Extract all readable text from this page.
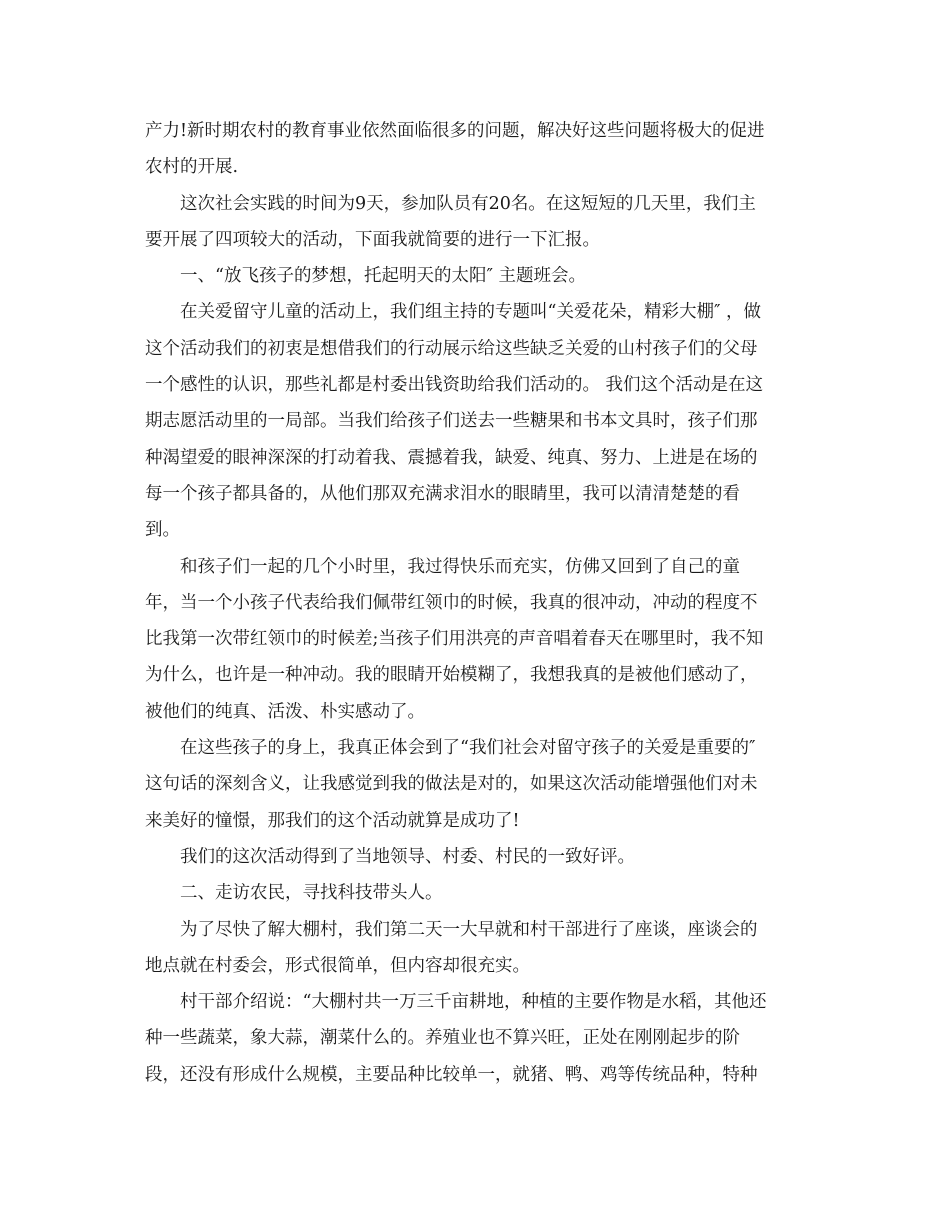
产力!新时期农村的教育事业依然面临很多的问题，解决好这些问题将极大的促进
农村的开展.

这次社会实践的时间为9天，参加队员有20名。在这短短的几天里，我们主
要开展了四项较大的活动，下面我就简要的进行一下汇报。

一、“放飞孩子的梦想，托起明天的太阳″ 主题班会。

在关爱留守儿童的活动上，我们组主持的专题叫“关爱花朵，精彩大棚″ ，做
这个活动我们的初衷是想借我们的行动展示给这些缺乏关爱的山村孩子们的父母
一个感性的认识，那些礼都是村委出钱资助给我们活动的。 我们这个活动是在这
期志愿活动里的一局部。当我们给孩子们送去一些糖果和书本文具时，孩子们那
种渴望爱的眼神深深的打动着我、震撼着我，缺爱、纯真、努力、上进是在场的
每一个孩子都具备的，从他们那双充满求泪水的眼睛里，我可以清清楚楚的看
到。

和孩子们一起的几个小时里，我过得快乐而充实，仿佛又回到了自己的童
年，当一个小孩子代表给我们佩带红领巾的时候，我真的很冲动，冲动的程度不
比我第一次带红领巾的时候差;当孩子们用洪亮的声音唱着春天在哪里时，我不知
为什么，也许是一种冲动。我的眼睛开始模糊了，我想我真的是被他们感动了，
被他们的纯真、活泼、朴实感动了。

在这些孩子的身上，我真正体会到了“我们社会对留守孩子的关爱是重要的″
这句话的深刻含义，让我感觉到我的做法是对的，如果这次活动能增强他们对未
来美好的憧憬，那我们的这个活动就算是成功了!

我们的这次活动得到了当地领导、村委、村民的一致好评。

二、走访农民，寻找科技带头人。

为了尽快了解大棚村，我们第二天一大早就和村干部进行了座谈，座谈会的
地点就在村委会，形式很简单，但内容却很充实。

村干部介绍说：“大棚村共一万三千亩耕地，种植的主要作物是水稻，其他还
种一些蔬菜，象大蒜，潮菜什么的。养殖业也不算兴旺，正处在刚刚起步的阶
段，还没有形成什么规模，主要品种比较单一，就猪、鸭、鸡等传统品种，特种
